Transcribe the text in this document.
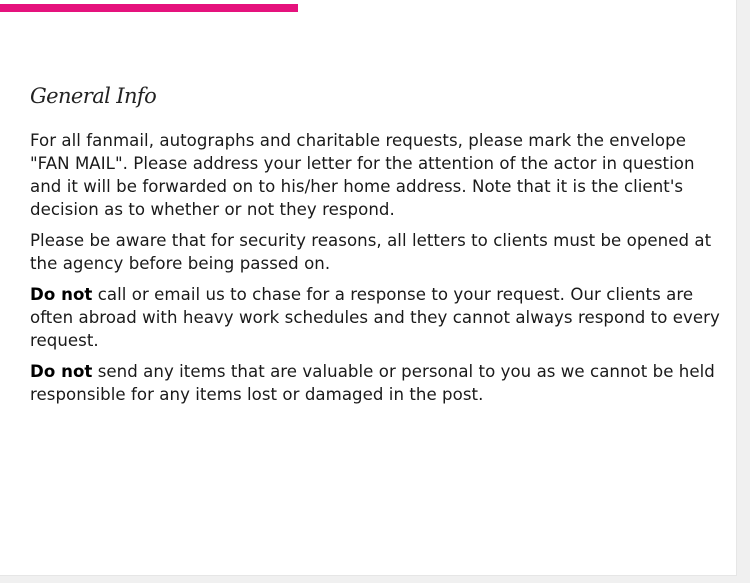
General Info

For all fanmail, autographs and charitable requests, please mark the envelope "FAN MAIL". Please address your letter for the attention of the actor in question and it will be forwarded on to his/her home address. Note that it is the client's decision as to whether or not they respond.

Please be aware that for security reasons, all letters to clients must be opened at the agency before being passed on.

Do not call or email us to chase for a response to your request. Our clients are often abroad with heavy work schedules and they cannot always respond to every request.

Do not send any items that are valuable or personal to you as we cannot be held responsible for any items lost or damaged in the post.
